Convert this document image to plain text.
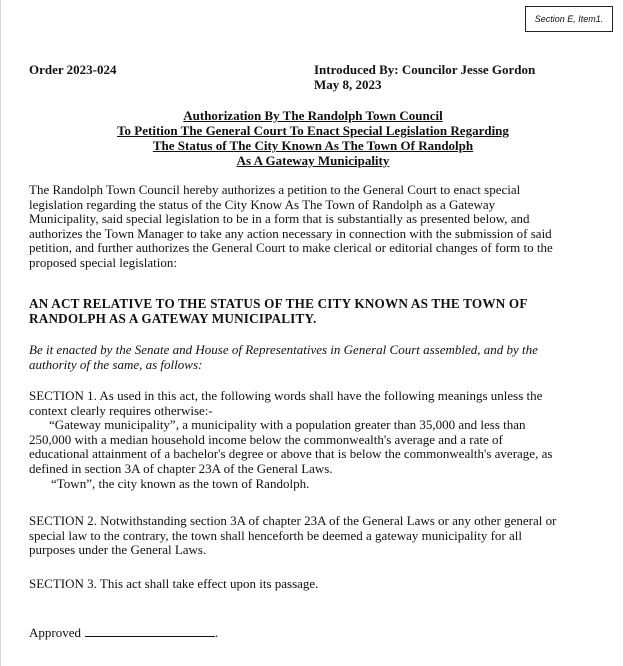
Section E, Item1.
Order 2023-024	Introduced By: Councilor Jesse Gordon
May 8, 2023
Authorization By The Randolph Town Council
To Petition The General Court To Enact Special Legislation Regarding
The Status of The City Known As The Town Of Randolph
As A Gateway Municipality
The Randolph Town Council hereby authorizes a petition to the General Court to enact special legislation regarding the status of the City Know As The Town of Randolph as a Gateway Municipality, said special legislation to be in a form that is substantially as presented below, and authorizes the Town Manager to take any action necessary in connection with the submission of said petition, and further authorizes the General Court to make clerical or editorial changes of form to the proposed special legislation:
AN ACT RELATIVE TO THE STATUS OF THE CITY KNOWN AS THE TOWN OF RANDOLPH AS A GATEWAY MUNICIPALITY.
Be it enacted by the Senate and House of Representatives in General Court assembled, and by the authority of the same, as follows:
SECTION 1. As used in this act, the following words shall have the following meanings unless the context clearly requires otherwise:-
“Gateway municipality”, a municipality with a population greater than 35,000 and less than 250,000 with a median household income below the commonwealth's average and a rate of educational attainment of a bachelor's degree or above that is below the commonwealth's average, as defined in section 3A of chapter 23A of the General Laws.
“Town”, the city known as the town of Randolph.
SECTION 2. Notwithstanding section 3A of chapter 23A of the General Laws or any other general or special law to the contrary, the town shall henceforth be deemed a gateway municipality for all purposes under the General Laws.
SECTION 3. This act shall take effect upon its passage.
Approved	.
